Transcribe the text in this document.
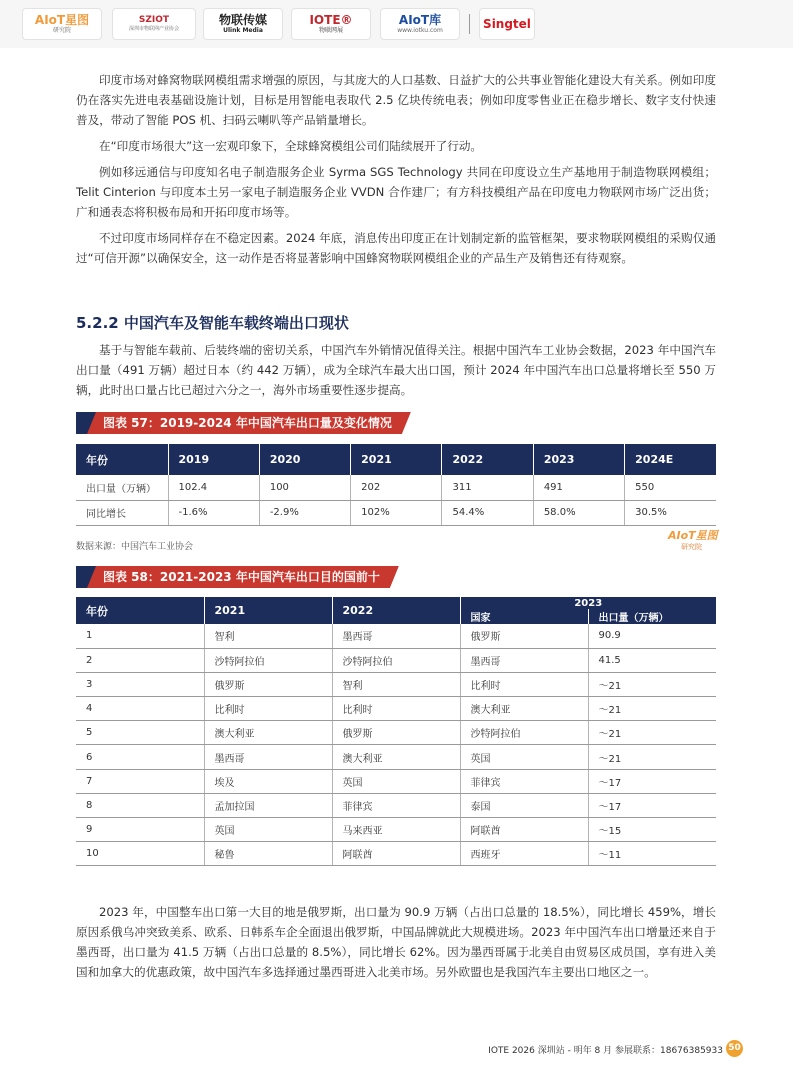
AIoT星图
研究院
SZIOT
深圳市物联网产业协会
物联传媒
Ulink Media
IOTE®
物联网展
AIoT库
www.iotku.com	Singtel

印度市场对蜂窝物联网模组需求增强的原因，与其庞大的人口基数、日益扩大的公共事业智能化建设大有关系。例如印度仍在落实先进电表基础设施计划，目标是用智能电表取代 2.5 亿块传统电表；例如印度零售业正在稳步增长、数字支付快速普及，带动了智能 POS 机、扫码云喇叭等产品销量增长。

在“印度市场很大”这一宏观印象下，全球蜂窝模组公司们陆续展开了行动。

例如移远通信与印度知名电子制造服务企业 Syrma SGS Technology 共同在印度设立生产基地用于制造物联网模组；Telit Cinterion 与印度本土另一家电子制造服务企业 VVDN 合作建厂；有方科技模组产品在印度电力物联网市场广泛出货；广和通表态将积极布局和开拓印度市场等。

不过印度市场同样存在不稳定因素。2024 年底，消息传出印度正在计划制定新的监管框架，要求物联网模组的采购仅通过“可信开源”以确保安全，这一动作是否将显著影响中国蜂窝物联网模组企业的产品生产及销售还有待观察。

5.2.2 中国汽车及智能车载终端出口现状

基于与智能车载前、后装终端的密切关系，中国汽车外销情况值得关注。根据中国汽车工业协会数据，2023 年中国汽车出口量（491 万辆）超过日本（约 442 万辆），成为全球汽车最大出口国，预计 2024 年中国汽车出口总量将增长至 550 万辆，此时出口量占比已超过六分之一，海外市场重要性逐步提高。

图表 57：2019-2024 年中国汽车出口量及变化情况
年份	2019	2020	2021	2022	2023	2024E
出口量（万辆）	102.4	100	202	311	491	550
同比增长	-1.6%	-2.9%	102%	54.4%	58.0%	30.5%
数据来源：中国汽车工业协会
AIoT星图
研究院
图表 58：2021-2023 年中国汽车出口目的国前十
年份	2021	2022	2023	
			国家	出口量（万辆）
1	智利	墨西哥	俄罗斯	90.9
2	沙特阿拉伯	沙特阿拉伯	墨西哥	41.5
3	俄罗斯	智利	比利时	～21
4	比利时	比利时	澳大利亚	～21
5	澳大利亚	俄罗斯	沙特阿拉伯	～21
6	墨西哥	澳大利亚	英国	～21
7	埃及	英国	菲律宾	～17
8	孟加拉国	菲律宾	泰国	～17
9	英国	马来西亚	阿联酋	～15
10	秘鲁	阿联酋	西班牙	～11

2023 年，中国整车出口第一大目的地是俄罗斯，出口量为 90.9 万辆（占出口总量的 18.5%），同比增长 459%，增长原因系俄乌冲突致美系、欧系、日韩系车企全面退出俄罗斯，中国品牌就此大规模进场。2023 年中国汽车出口增量还来自于墨西哥，出口量为 41.5 万辆（占出口总量的 8.5%），同比增长 62%。因为墨西哥属于北美自由贸易区成员国，享有进入美国和加拿大的优惠政策，故中国汽车多选择通过墨西哥进入北美市场。另外欧盟也是我国汽车主要出口地区之一。

IOTE 2026 深圳站 - 明年 8 月 参展联系：18676385933 50
